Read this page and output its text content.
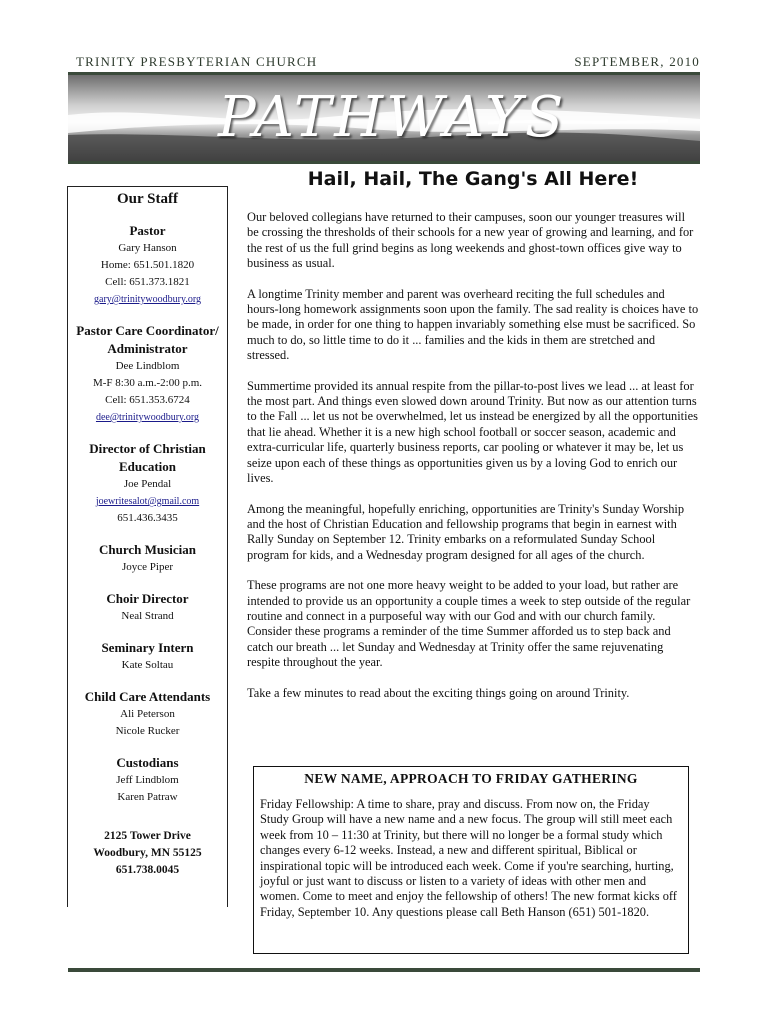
TRINITY PRESBYTERIAN CHURCH	SEPTEMBER, 2010
PATHWAYS
Our Staff
Pastor
Gary Hanson
Home: 651.501.1820
Cell: 651.373.1821
gary@trinitywoodbury.org
Pastor Care Coordinator/
Administrator
Dee Lindblom
M-F 8:30 a.m.-2:00 p.m.
Cell: 651.353.6724
dee@trinitywoodbury.org
Director of Christian
Education
Joe Pendal
joewritesalot@gmail.com
651.436.3435
Church Musician
Joyce Piper
Choir Director
Neal Strand
Seminary Intern
Kate Soltau
Child Care Attendants
Ali Peterson
Nicole Rucker
Custodians
Jeff Lindblom
Karen Patraw
2125 Tower Drive
Woodbury, MN 55125
651.738.0045
Hail, Hail, The Gang's All Here!

Our beloved collegians have returned to their campuses, soon our younger treasures will be crossing the thresholds of their schools for a new year of growing and learning, and for the rest of us the full grind begins as long weekends and ghost-town offices give way to business as usual.

A longtime Trinity member and parent was overheard reciting the full schedules and hours-long homework assignments soon upon the family. The sad reality is choices have to be made, in order for one thing to happen invariably something else must be sacrificed. So much to do, so little time to do it ... families and the kids in them are stretched and stressed.

Summertime provided its annual respite from the pillar-to-post lives we lead ... at least for the most part. And things even slowed down around Trinity. But now as our attention turns to the Fall ... let us not be overwhelmed, let us instead be energized by all the opportunities that lie ahead. Whether it is a new high school football or soccer season, academic and extra-curricular life, quarterly business reports, car pooling or whatever it may be, let us seize upon each of these things as opportunities given us by a loving God to enrich our lives.

Among the meaningful, hopefully enriching, opportunities are Trinity's Sunday Worship and the host of Christian Education and fellowship programs that begin in earnest with Rally Sunday on September 12. Trinity embarks on a reformulated Sunday School program for kids, and a Wednesday program designed for all ages of the church.

These programs are not one more heavy weight to be added to your load, but rather are intended to provide us an opportunity a couple times a week to step outside of the regular routine and connect in a purposeful way with our God and with our church family. Consider these programs a reminder of the time Summer afforded us to step back and catch our breath ... let Sunday and Wednesday at Trinity offer the same rejuvenating respite throughout the year.

Take a few minutes to read about the exciting things going on around Trinity.

NEW NAME, APPROACH TO FRIDAY GATHERING
Friday Fellowship: A time to share, pray and discuss. From now on, the Friday Study Group will have a new name and a new focus. The group will still meet each week from 10 – 11:30 at Trinity, but there will no longer be a formal study which changes every 6-12 weeks. Instead, a new and different spiritual, Biblical or inspirational topic will be introduced each week. Come if you're searching, hurting, joyful or just want to discuss or listen to a variety of ideas with other men and women. Come to meet and enjoy the fellowship of others! The new format kicks off Friday, September 10. Any questions please call Beth Hanson (651) 501-1820.
